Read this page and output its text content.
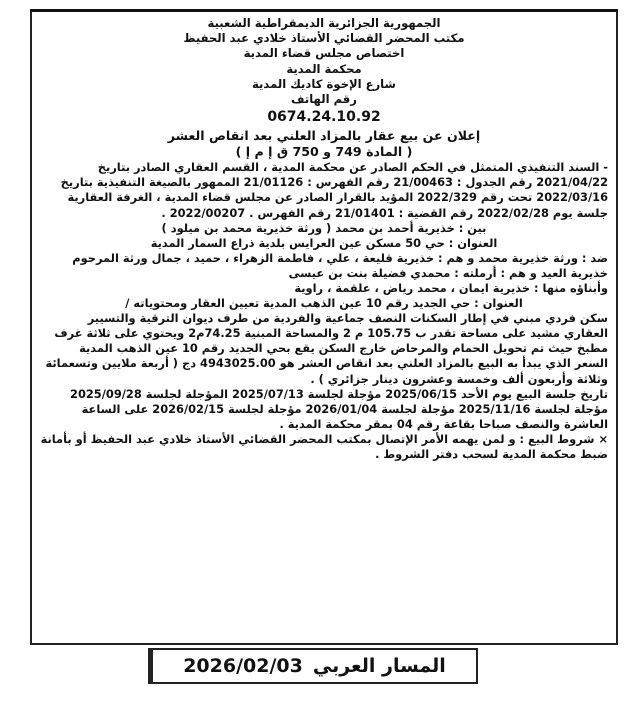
الجمهورية الجزائرية الديمقراطية الشعبية
مكتب المحضر القضائي الأستاذ خلادي عبد الحفيظ
اختصاص مجلس قضاء المدية
محكمة المدية
شارع الإخوة كاديك المدية
رقم الهاتف
0674.24.10.92
إعلان عن بيع عقار بالمزاد العلني بعد انقاص العشر
( المادة 749 و 750 ق إ م إ )

- السند التنفيذي المتمثل في الحكم الصادر عن محكمة المدية ، القسم العقاري الصادر بتاريخ 2021/04/22 رقم الجدول : 21/00463 رقم الفهرس : 21/01126 الممهور بالصيغة التنفيذية بتاريخ 2022/03/16 تحت رقم 2022/329 المؤيد بالقرار الصادر عن مجلس قضاء المدية ، الغرفة العقارية جلسة يوم 2022/02/28 رقم القضية : 21/01401 رقم الفهرس . 2022/00207 .

بين : خذيرية أحمد بن محمد ( ورثة خذيرية محمد بن ميلود )

العنوان : حي 50 مسكن عين العرايس بلدية ذراع السمار المدية

ضد : ورثة خذيرية محمد و هم : خذيرية قليعة ، علي ، فاطمة الزهراء ، حميد ، جمال ورثة المرحوم خذيرية العيد و هم : أرملته : محمدي فضيلة بنت بن عيسى

وأبناؤه منها : خذيرية ايمان ، محمد رياض ، علقمة ، راوية

العنوان : حي الجديد رقم 10 عين الذهب المدية تعيين العقار ومحتوياته /

سكن فردي مبني في إطار السكنات النصف جماعية والفردية من طرف ديوان الترقية والتسيير العقاري مشيد على مساحة تقدر ب 105.75 م 2 والمساحة المبنية 74.25م2 ويحتوي على ثلاثة غرف مطبخ حيث تم تحويل الحمام والمرحاض خارج السكن يقع بحي الجديد رقم 10 عين الذهب المدية

السعر الذي يبدأ به البيع بالمزاد العلني بعد انقاص العشر هو 4943025.00 دج ( أربعة ملايين وتسعمائة وثلاثة وأربعون ألف وخمسة وعشرون دينار جزائري ) .

تاريخ جلسة البيع يوم الأحد 2025/06/15 مؤجلة لجلسة 2025/07/13 المؤجلة لجلسة 2025/09/28 مؤجلة لجلسة 2025/11/16 مؤجلة لجلسة 2026/01/04 مؤجلة لجلسة 2026/02/15 على الساعة العاشرة والنصف صباحا بقاعة رقم 04 بمقر محكمة المدية .

× شروط البيع : و لمن يهمه الأمر الإتصال بمكتب المحضر القضائي الأستاذ خلادي عبد الحفيظ أو بأمانة ضبط محكمة المدية لسحب دفتر الشروط .

المسار العربي
2026/02/03
